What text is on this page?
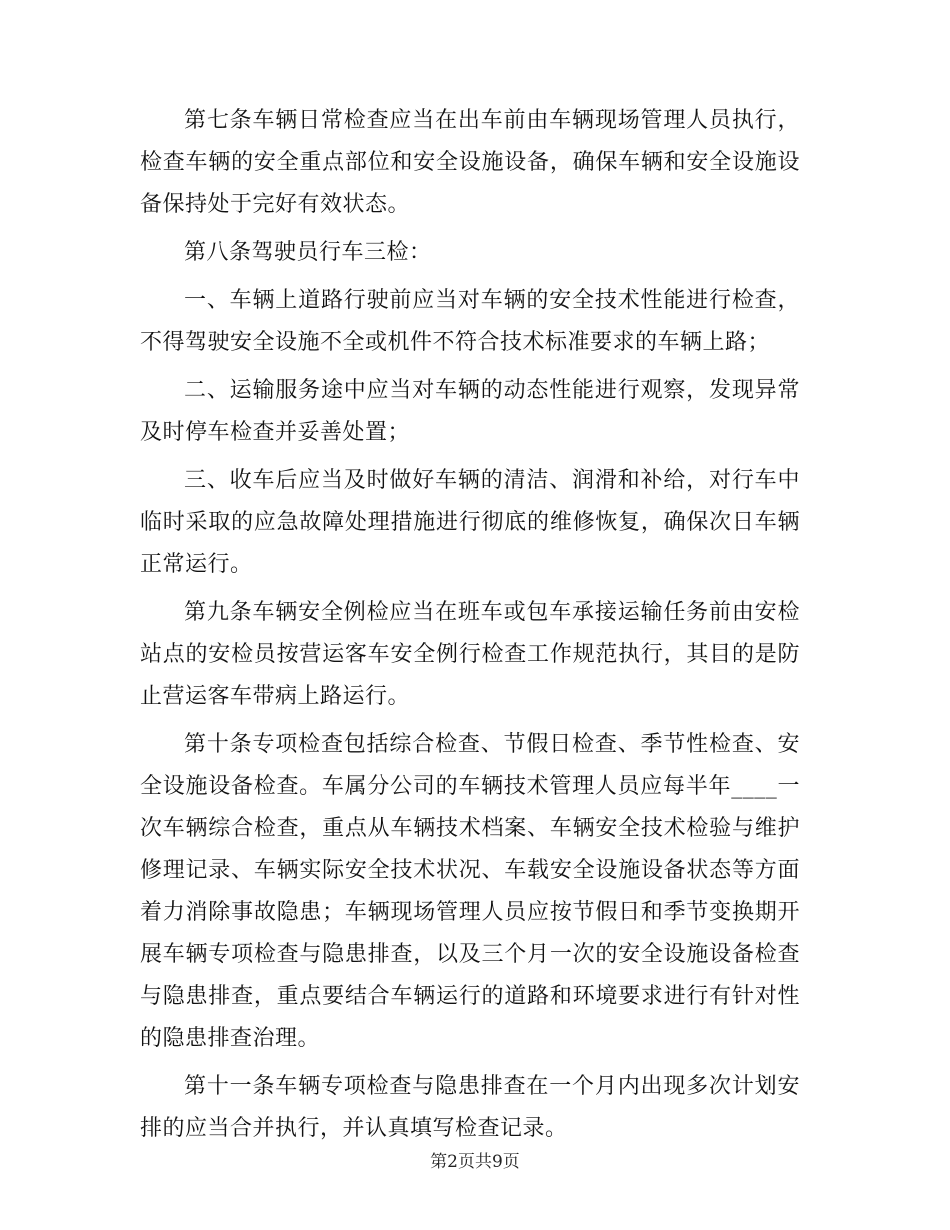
第七条车辆日常检查应当在出车前由车辆现场管理人员执行，检查车辆的安全重点部位和安全设施设备，确保车辆和安全设施设备保持处于完好有效状态。

第八条驾驶员行车三检：

一、车辆上道路行驶前应当对车辆的安全技术性能进行检查，不得驾驶安全设施不全或机件不符合技术标准要求的车辆上路；

二、运输服务途中应当对车辆的动态性能进行观察，发现异常及时停车检查并妥善处置；

三、收车后应当及时做好车辆的清洁、润滑和补给，对行车中临时采取的应急故障处理措施进行彻底的维修恢复，确保次日车辆正常运行。

第九条车辆安全例检应当在班车或包车承接运输任务前由安检站点的安检员按营运客车安全例行检查工作规范执行，其目的是防止营运客车带病上路运行。

第十条专项检查包括综合检查、节假日检查、季节性检查、安全设施设备检查。车属分公司的车辆技术管理人员应每半年____一次车辆综合检查，重点从车辆技术档案、车辆安全技术检验与维护修理记录、车辆实际安全技术状况、车载安全设施设备状态等方面着力消除事故隐患；车辆现场管理人员应按节假日和季节变换期开展车辆专项检查与隐患排查，以及三个月一次的安全设施设备检查与隐患排查，重点要结合车辆运行的道路和环境要求进行有针对性的隐患排查治理。

第十一条车辆专项检查与隐患排查在一个月内出现多次计划安排的应当合并执行，并认真填写检查记录。

第2页共9页
